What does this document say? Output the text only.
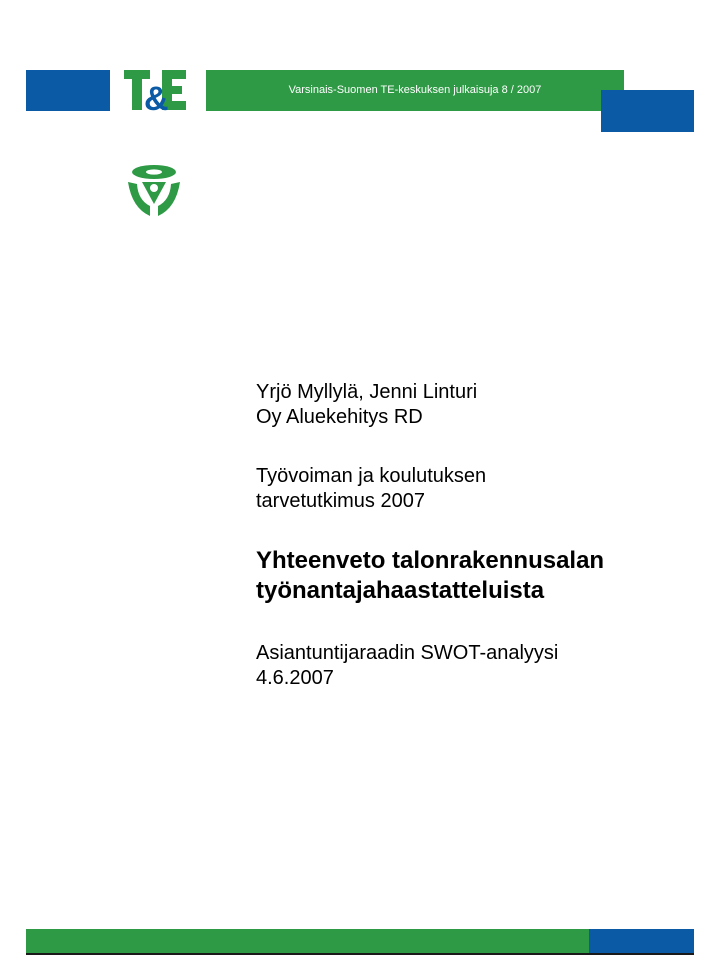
&	Varsinais-Suomen TE-keskuksen julkaisuja 8 / 2007
Yrjö Myllylä, Jenni Linturi
Oy Aluekehitys RD
Työvoiman ja koulutuksen
tarvetutkimus 2007
Yhteenveto talonrakennusalan
työnantajahaastatteluista
Asiantuntijaraadin SWOT-analyysi
4.6.2007
